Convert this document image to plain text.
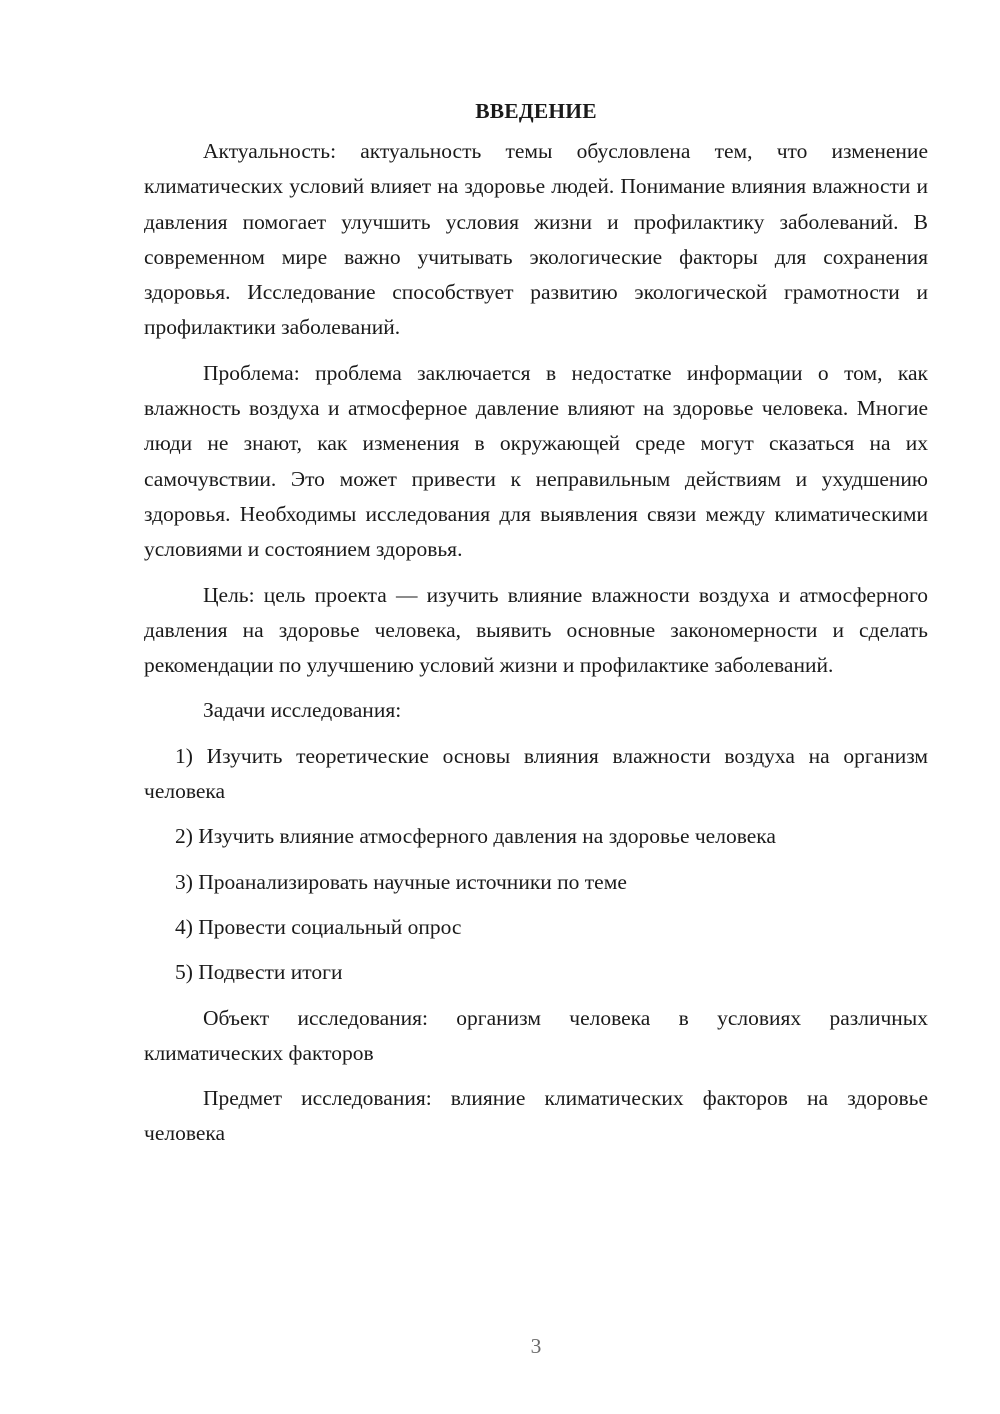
ВВЕДЕНИЕ

Актуальность: актуальность темы обусловлена тем, что изменение климатических условий влияет на здоровье людей. Понимание влияния влажности и давления помогает улучшить условия жизни и профилактику заболеваний. В современном мире важно учитывать экологические факторы для сохранения здоровья. Исследование способствует развитию экологической грамотности и профилактики заболеваний.

Проблема: проблема заключается в недостатке информации о том, как влажность воздуха и атмосферное давление влияют на здоровье человека. Многие люди не знают, как изменения в окружающей среде могут сказаться на их самочувствии. Это может привести к неправильным действиям и ухудшению здоровья. Необходимы исследования для выявления связи между климатическими условиями и состоянием здоровья.

Цель: цель проекта — изучить влияние влажности воздуха и атмосферного давления на здоровье человека, выявить основные закономерности и сделать рекомендации по улучшению условий жизни и профилактике заболеваний.

Задачи исследования:

1) Изучить теоретические основы влияния влажности воздуха на организм человека

2) Изучить влияние атмосферного давления на здоровье человека

3) Проанализировать научные источники по теме

4) Провести социальный опрос

5) Подвести итоги

Объект исследования: организм человека в условиях различных климатических факторов

Предмет исследования: влияние климатических факторов на здоровье человека

3
